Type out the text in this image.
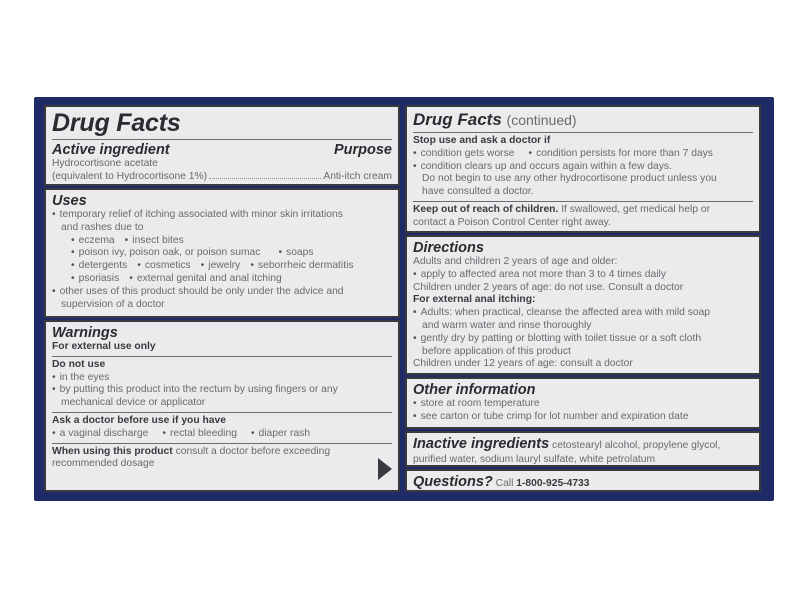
Drug Facts
Active ingredient	Purpose
Hydrocortisone acetate
(equivalent to Hydrocortisone 1%)	Anti-itch cream
Uses
• temporary relief of itching associated with minor skin irritations
and rashes due to
• eczema	• insect bites
• poison ivy, poison oak, or poison sumac	• soaps
• detergents	• cosmetics	• jewelry	• seborrheic dermatitis
• psoriasis	• external genital and anal itching
• other uses of this product should be only under the advice and
supervision of a doctor
Warnings
For external use only
Do not use
• in the eyes
• by putting this product into the rectum by using fingers or any
mechanical device or applicator
Ask a doctor before use if you have
• a vaginal discharge	• rectal bleeding	• diaper rash
When using this product consult a doctor before exceeding
recommended dosage
Drug Facts (continued)
Stop use and ask a doctor if
• condition gets worse	• condition persists for more than 7 days
• condition clears up and occurs again within a few days.
Do not begin to use any other hydrocortisone product unless you
have consulted a doctor.
Keep out of reach of children. If swallowed, get medical help or
contact a Poison Control Center right away.
Directions
Adults and children 2 years of age and older:
• apply to affected area not more than 3 to 4 times daily
Children under 2 years of age: do not use. Consult a doctor
For external anal itching:
• Adults: when practical, cleanse the affected area with mild soap
and warm water and rinse thoroughly
• gently dry by patting or blotting with toilet tissue or a soft cloth
before application of this product
Children under 12 years of age: consult a doctor
Other information
• store at room temperature
• see carton or tube crimp for lot number and expiration date
Inactive ingredients cetostearyl alcohol, propylene glycol,
purified water, sodium lauryl sulfate, white petrolatum
Questions? Call 1-800-925-4733
